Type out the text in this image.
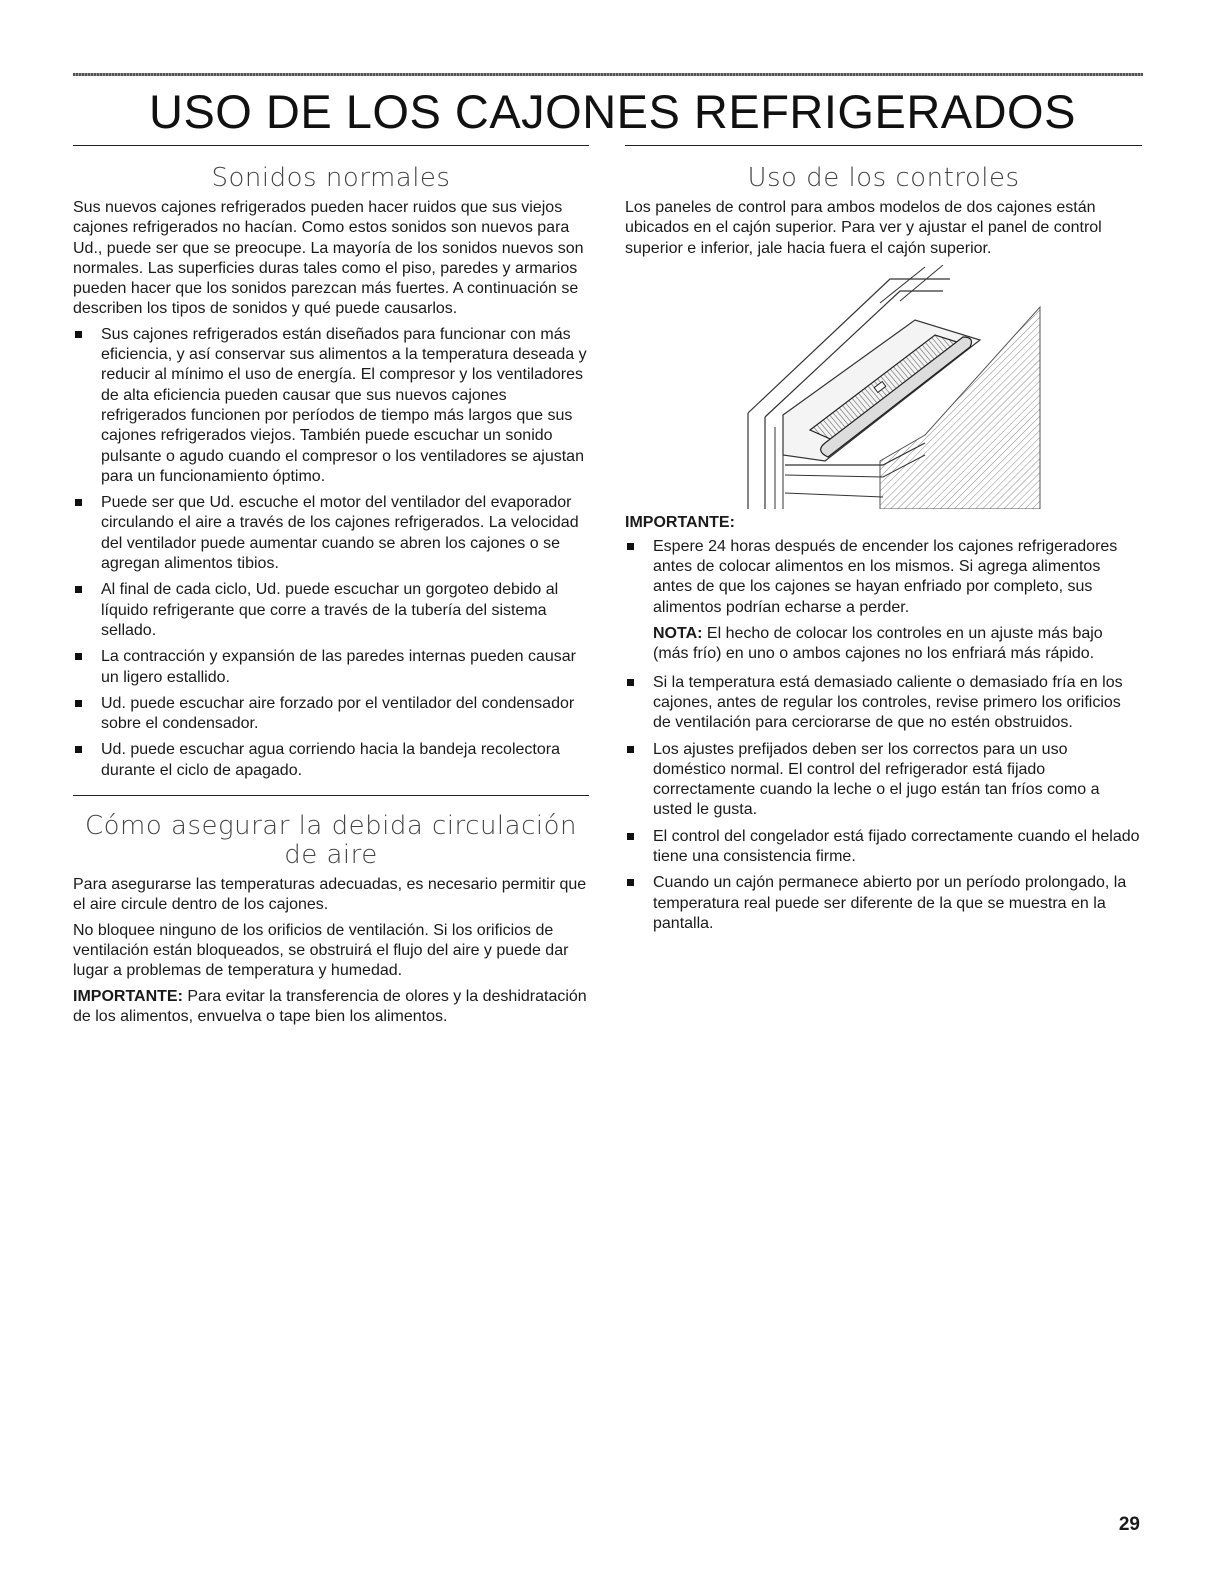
USO DE LOS CAJONES REFRIGERADOS
Sonidos normales

Sus nuevos cajones refrigerados pueden hacer ruidos que sus viejos cajones refrigerados no hacían. Como estos sonidos son nuevos para Ud., puede ser que se preocupe. La mayoría de los sonidos nuevos son normales. Las superficies duras tales como el piso, paredes y armarios pueden hacer que los sonidos parezcan más fuertes. A continuación se describen los tipos de sonidos y qué puede causarlos.

Sus cajones refrigerados están diseñados para funcionar con más eficiencia, y así conservar sus alimentos a la temperatura deseada y reducir al mínimo el uso de energía. El compresor y los ventiladores de alta eficiencia pueden causar que sus nuevos cajones refrigerados funcionen por períodos de tiempo más largos que sus cajones refrigerados viejos. También puede escuchar un sonido pulsante o agudo cuando el compresor o los ventiladores se ajustan para un funcionamiento óptimo.
Puede ser que Ud. escuche el motor del ventilador del evaporador circulando el aire a través de los cajones refrigerados. La velocidad del ventilador puede aumentar cuando se abren los cajones o se agregan alimentos tibios.
Al final de cada ciclo, Ud. puede escuchar un gorgoteo debido al líquido refrigerante que corre a través de la tubería del sistema sellado.
La contracción y expansión de las paredes internas pueden causar un ligero estallido.
Ud. puede escuchar aire forzado por el ventilador del condensador sobre el condensador.
Ud. puede escuchar agua corriendo hacia la bandeja recolectora durante el ciclo de apagado.
Cómo asegurar la debida circulación
de aire

Para asegurarse las temperaturas adecuadas, es necesario permitir que el aire circule dentro de los cajones.

No bloquee ninguno de los orificios de ventilación. Si los orificios de ventilación están bloqueados, se obstruirá el flujo del aire y puede dar lugar a problemas de temperatura y humedad.

IMPORTANTE: Para evitar la transferencia de olores y la deshidratación de los alimentos, envuelva o tape bien los alimentos.

Uso de los controles

Los paneles de control para ambos modelos de dos cajones están ubicados en el cajón superior. Para ver y ajustar el panel de control superior e inferior, jale hacia fuera el cajón superior.

IMPORTANTE:
Espere 24 horas después de encender los cajones refrigeradores antes de colocar alimentos en los mismos. Si agrega alimentos antes de que los cajones se hayan enfriado por completo, sus alimentos podrían echarse a perder.

NOTA: El hecho de colocar los controles en un ajuste más bajo (más frío) en uno o ambos cajones no los enfriará más rápido.

Si la temperatura está demasiado caliente o demasiado fría en los cajones, antes de regular los controles, revise primero los orificios de ventilación para cerciorarse de que no estén obstruidos.
Los ajustes prefijados deben ser los correctos para un uso doméstico normal. El control del refrigerador está fijado correctamente cuando la leche o el jugo están tan fríos como a usted le gusta.
El control del congelador está fijado correctamente cuando el helado tiene una consistencia firme.
Cuando un cajón permanece abierto por un período prolongado, la temperatura real puede ser diferente de la que se muestra en la pantalla.
29
